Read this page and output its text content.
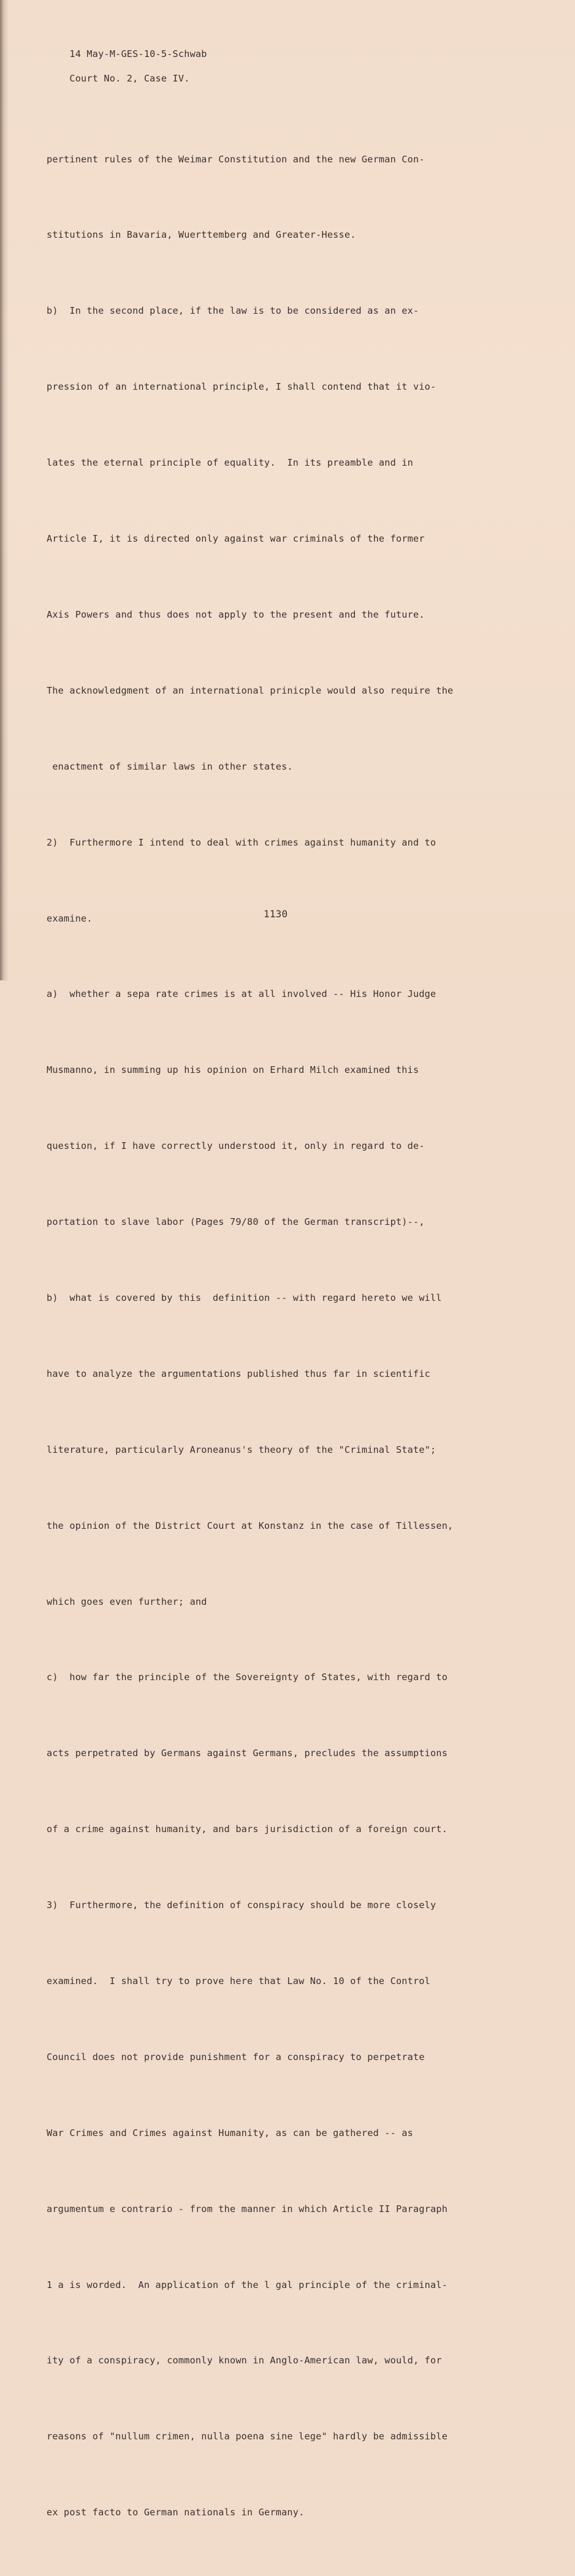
14 May-M-GES-10-5-Schwab

Court No. 2, Case IV.

pertinent rules of the Weimar Constitution and the new German Con-

stitutions in Bavaria, Wuerttemberg and Greater-Hesse.

b)  In the second place, if the law is to be considered as an ex-

pression of an international principle, I shall contend that it vio-

lates the eternal principle of equality.  In its preamble and in

Article I, it is directed only against war criminals of the former

Axis Powers and thus does not apply to the present and the future.

The acknowledgment of an international prinicple would also require the

enactment of similar laws in other states.

2)  Furthermore I intend to deal with crimes against humanity and to

examine.

a)  whether a sepa rate crimes is at all involved -- His Honor Judge

Musmanno, in summing up his opinion on Erhard Milch examined this

question, if I have correctly understood it, only in regard to de-

portation to slave labor (Pages 79/80 of the German transcript)--,

b)  what is covered by this  definition -- with regard hereto we will

have to analyze the argumentations published thus far in scientific

literature, particularly Aroneanus's theory of the "Criminal State";

the opinion of the District Court at Konstanz in the case of Tillessen,

which goes even further; and

c)  how far the principle of the Sovereignty of States, with regard to

acts perpetrated by Germans against Germans, precludes the assumptions

of a crime against humanity, and bars jurisdiction of a foreign court.

3)  Furthermore, the definition of conspiracy should be more closely

examined.  I shall try to prove here that Law No. 10 of the Control

Council does not provide punishment for a conspiracy to perpetrate

War Crimes and Crimes against Humanity, as can be gathered -- as

argumentum e contrario - from the manner in which Article II Paragraph

1 a is worded.  An application of the l gal principle of the criminal-

ity of a conspiracy, commonly known in Anglo-American law, would, for

reasons of "nullum crimen, nulla poena sine lege" hardly be admissible

ex post facto to German nationals in Germany.

1130
